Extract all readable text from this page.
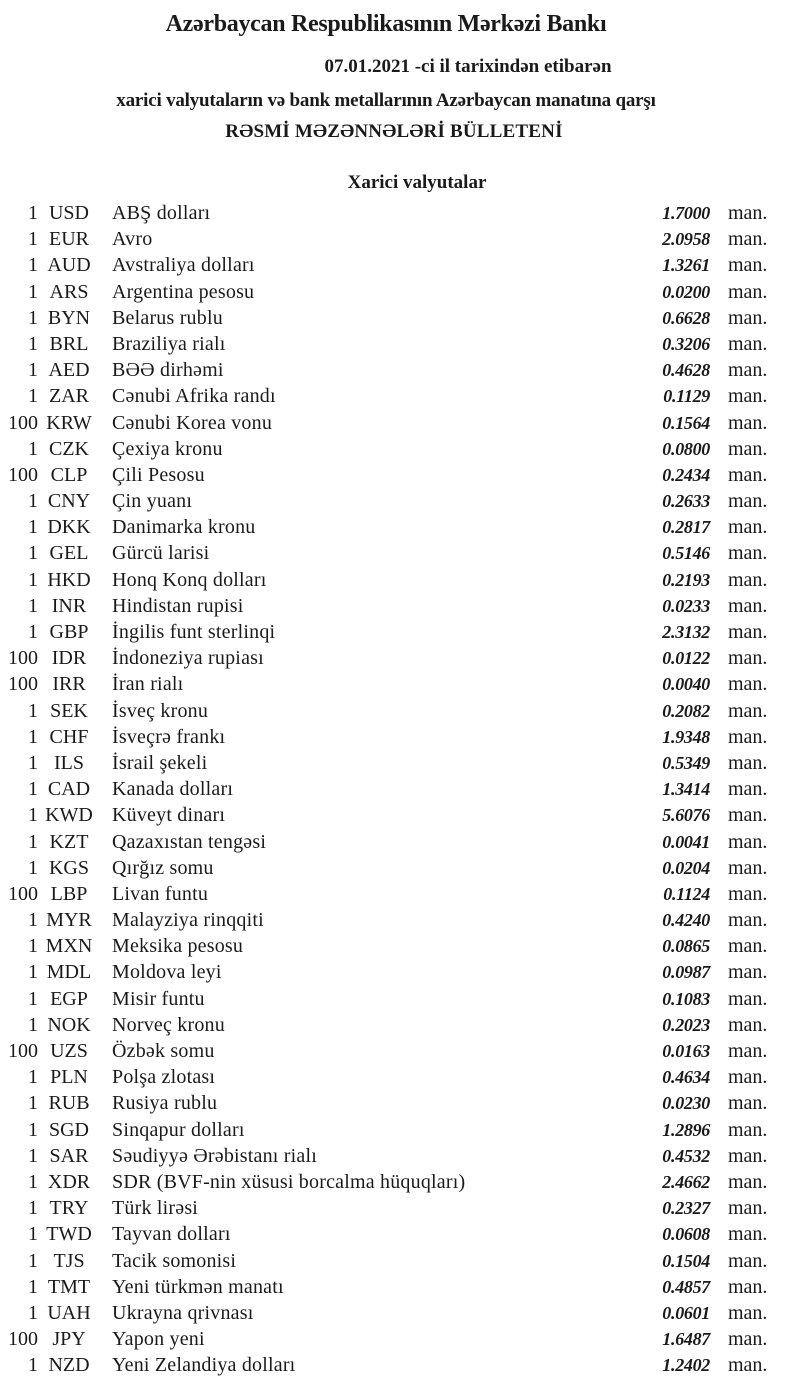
Azərbaycan Respublikasının Mərkəzi Bankı
07.01.2021 -ci il tarixindən etibarən
xarici valyutaların və bank metallarının Azərbaycan manatına qarşı
RƏSMİ MƏZƏNNƏLƏRİ BÜLLETENİ
Xarici valyutalar
1 USD	ABŞ dolları	1.7000 man.
1 EUR	Avro	2.0958 man.
1 AUD	Avstraliya dolları	1.3261 man.
1 ARS	Argentina pesosu	0.0200 man.
1 BYN	Belarus rublu	0.6628 man.
1 BRL	Braziliya rialı	0.3206 man.
1 AED	BƏƏ dirhəmi	0.4628 man.
1 ZAR	Cənubi Afrika randı	0.1129 man.
100 KRW	Cənubi Korea vonu	0.1564 man.
1 CZK	Çexiya kronu	0.0800 man.
100 CLP	Çili Pesosu	0.2434 man.
1 CNY	Çin yuanı	0.2633 man.
1 DKK	Danimarka kronu	0.2817 man.
1 GEL	Gürcü larisi	0.5146 man.
1 HKD	Honq Konq dolları	0.2193 man.
1 INR	Hindistan rupisi	0.0233 man.
1 GBP	İngilis funt sterlinqi	2.3132 man.
100 IDR	İndoneziya rupiası	0.0122 man.
100 IRR	İran rialı	0.0040 man.
1 SEK	İsveç kronu	0.2082 man.
1 CHF	İsveçrə frankı	1.9348 man.
1 ILS	İsrail şekeli	0.5349 man.
1 CAD	Kanada dolları	1.3414 man.
1 KWD Küveyt dinarı	5.6076 man.
1 KZT	Qazaxıstan tengəsi	0.0041 man.
1 KGS	Qırğız somu	0.0204 man.
100 LBP	Livan funtu	0.1124 man.
1 MYR	Malayziya rinqqiti	0.4240 man.
1 MXN Meksika pesosu	0.0865 man.
1 MDL	Moldova leyi	0.0987 man.
1 EGP	Misir funtu	0.1083 man.
1 NOK	Norveç kronu	0.2023 man.
100 UZS	Özbək somu	0.0163 man.
1 PLN	Polşa zlotası	0.4634 man.
1 RUB	Rusiya rublu	0.0230 man.
1 SGD	Sinqapur dolları	1.2896 man.
1 SAR	Səudiyyə Ərəbistanı rialı	0.4532 man.
1 XDR	SDR (BVF-nin xüsusi borcalma hüquqları)	2.4662 man.
1 TRY	Türk lirəsi	0.2327 man.
1 TWD	Tayvan dolları	0.0608 man.
1 TJS	Tacik somonisi	0.1504 man.
1 TMT	Yeni türkmən manatı	0.4857 man.
1 UAH	Ukrayna qrivnası	0.0601 man.
100 JPY	Yapon yeni	1.6487 man.
1 NZD	Yeni Zelandiya dolları	1.2402 man.
